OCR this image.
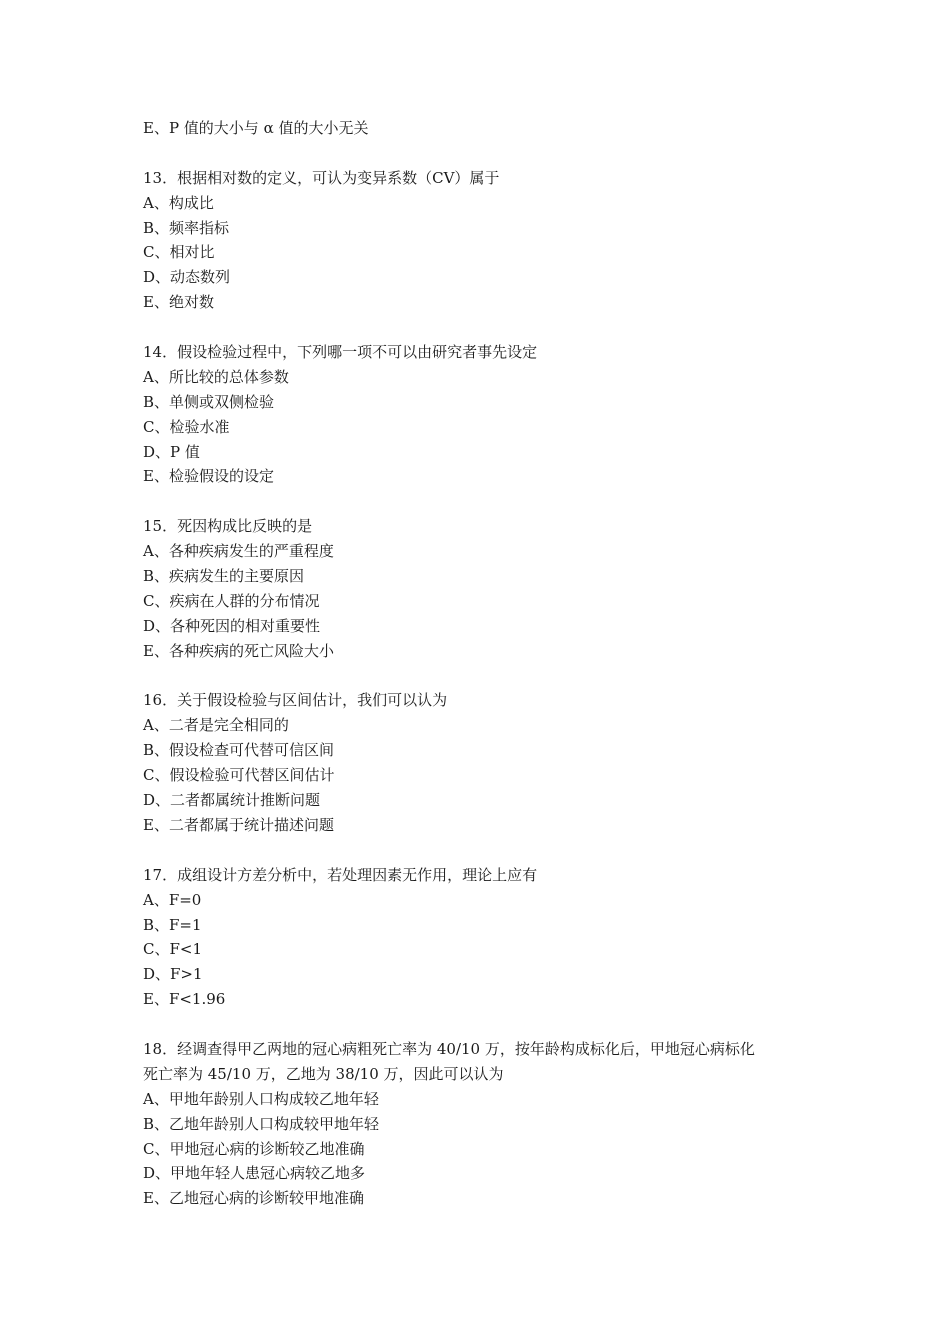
E、P 值的大小与 α 值的大小无关
13．根据相对数的定义，可认为变异系数（CV）属于
A、构成比
B、频率指标
C、相对比
D、动态数列
E、绝对数
14．假设检验过程中，下列哪一项不可以由研究者事先设定
A、所比较的总体参数
B、单侧或双侧检验
C、检验水准
D、P 值
E、检验假设的设定
15．死因构成比反映的是
A、各种疾病发生的严重程度
B、疾病发生的主要原因
C、疾病在人群的分布情况
D、各种死因的相对重要性
E、各种疾病的死亡风险大小
16．关于假设检验与区间估计，我们可以认为
A、二者是完全相同的
B、假设检查可代替可信区间
C、假设检验可代替区间估计
D、二者都属统计推断问题
E、二者都属于统计描述问题
17．成组设计方差分析中，若处理因素无作用，理论上应有
A、F=0
B、F=1
C、F<1
D、F>1
E、F<1.96
18．经调查得甲乙两地的冠心病粗死亡率为 40/10 万，按年龄构成标化后，甲地冠心病标化
死亡率为 45/10 万，乙地为 38/10 万，因此可以认为
A、甲地年龄别人口构成较乙地年轻
B、乙地年龄别人口构成较甲地年轻
C、甲地冠心病的诊断较乙地准确
D、甲地年轻人患冠心病较乙地多
E、乙地冠心病的诊断较甲地准确
